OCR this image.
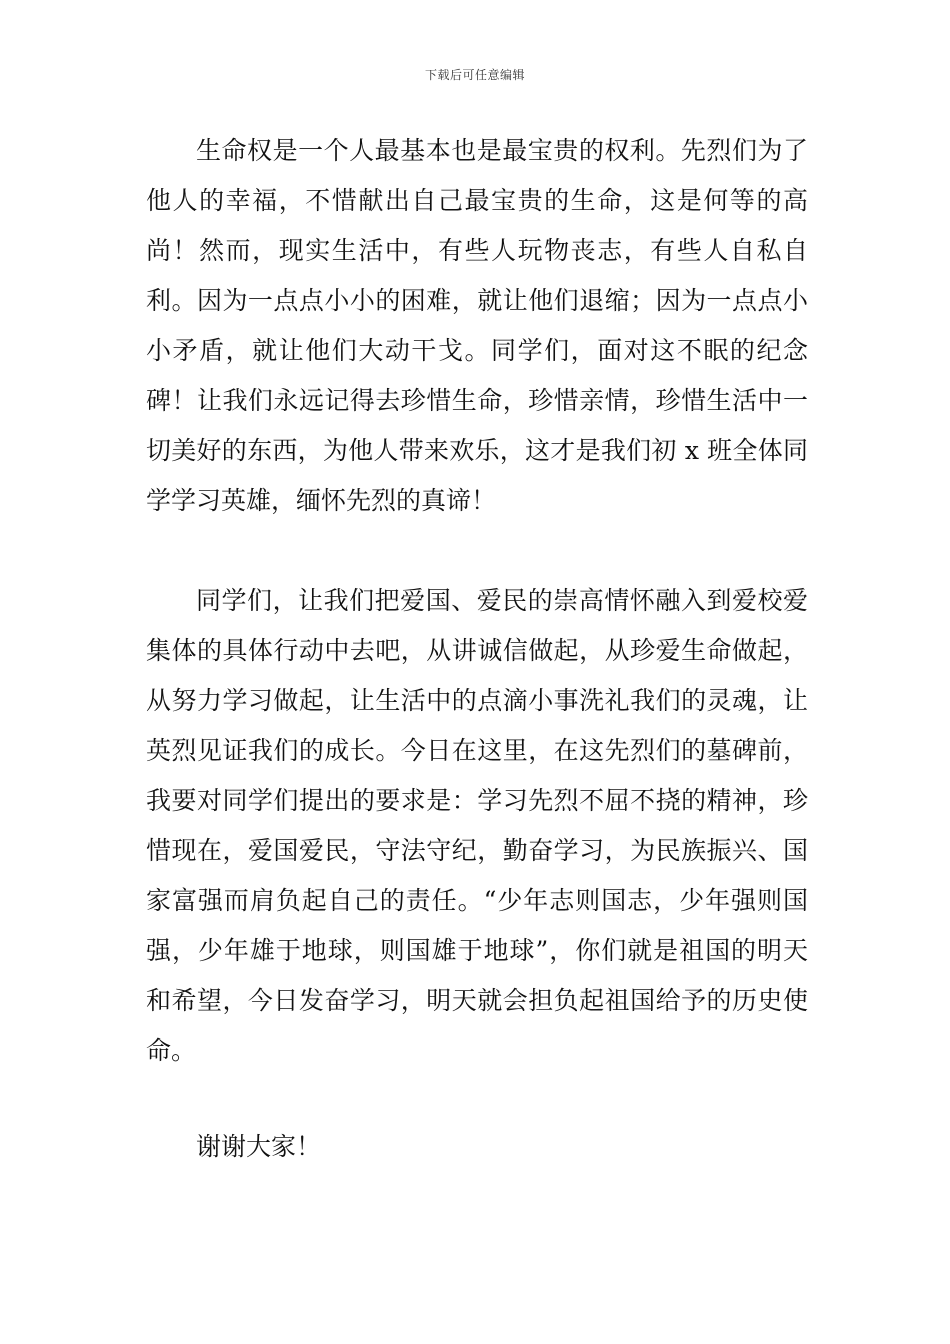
下载后可任意编辑

生命权是一个人最基本也是最宝贵的权利。先烈们为了他人的幸福，不惜献出自己最宝贵的生命，这是何等的高尚！然而，现实生活中，有些人玩物丧志，有些人自私自利。因为一点点小小的困难，就让他们退缩；因为一点点小小矛盾，就让他们大动干戈。同学们，面对这不眠的纪念碑！让我们永远记得去珍惜生命，珍惜亲情，珍惜生活中一切美好的东西，为他人带来欢乐，这才是我们初 x 班全体同学学习英雄，缅怀先烈的真谛！

同学们，让我们把爱国、爱民的崇高情怀融入到爱校爱集体的具体行动中去吧，从讲诚信做起，从珍爱生命做起，从努力学习做起，让生活中的点滴小事洗礼我们的灵魂，让英烈见证我们的成长。今日在这里，在这先烈们的墓碑前，我要对同学们提出的要求是：学习先烈不屈不挠的精神，珍惜现在，爱国爱民，守法守纪，勤奋学习，为民族振兴、国家富强而肩负起自己的责任。“少年志则国志，少年强则国强，少年雄于地球，则国雄于地球”，你们就是祖国的明天和希望，今日发奋学习，明天就会担负起祖国给予的历史使命。

谢谢大家！
